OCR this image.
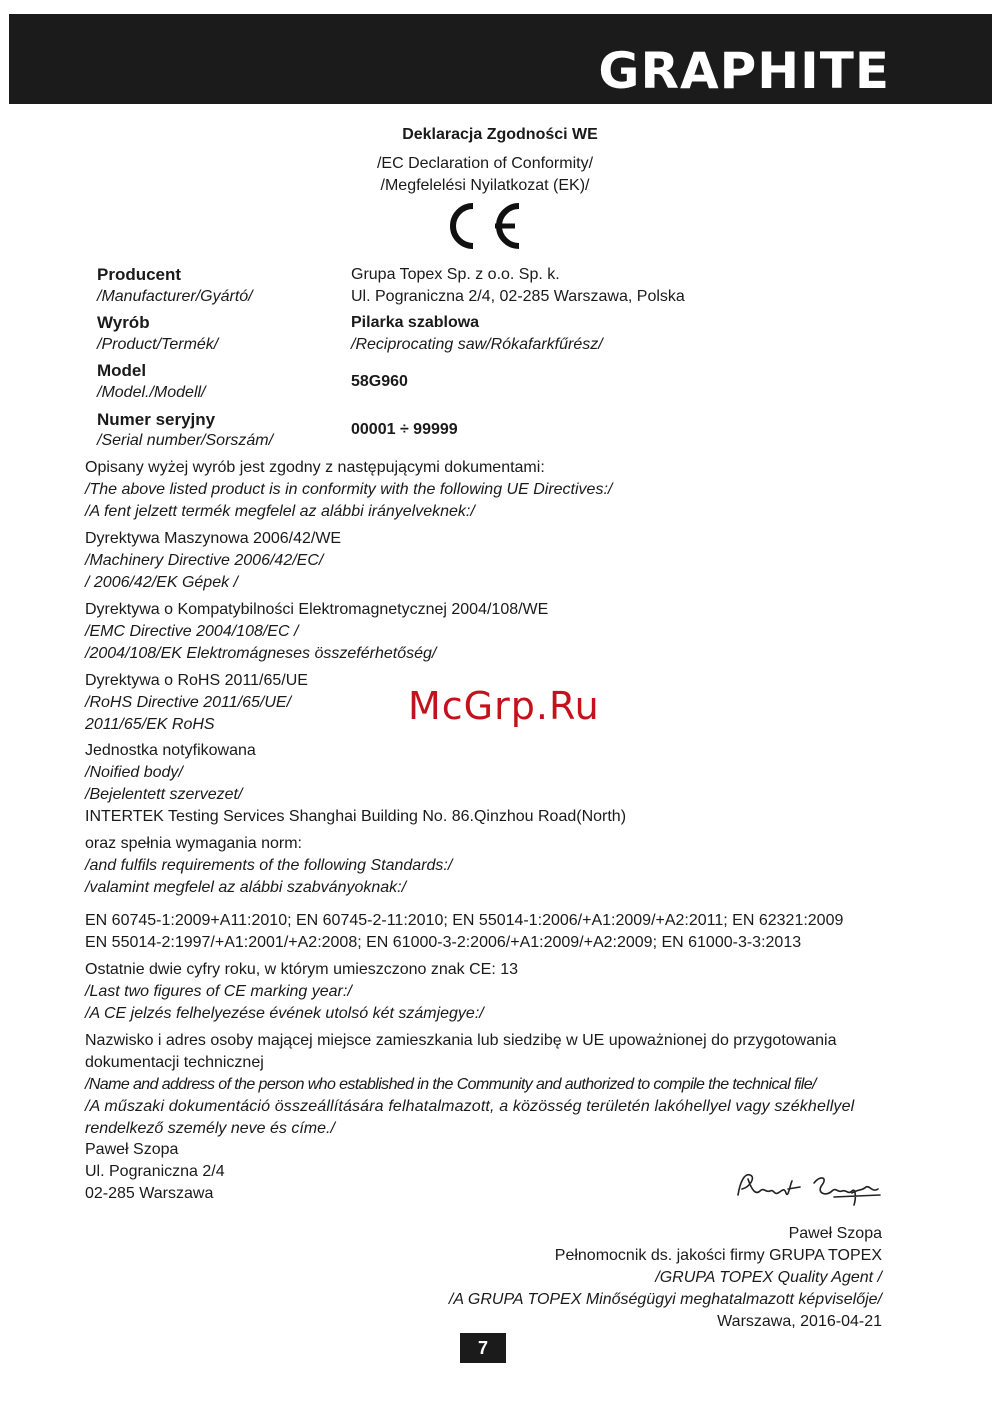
GRAPHITE
Deklaracja Zgodności WE
/EC Declaration of Conformity/
/Megfelelési Nyilatkozat (EK)/
Producent
/Manufacturer/Gyártó/
Grupa Topex Sp. z o.o. Sp. k.
Ul. Pograniczna 2/4, 02-285 Warszawa, Polska
Wyrób
/Product/Termék/
Pilarka szablowa
/Reciprocating saw/Rókafarkfűrész/
Model
/Model./Modell/
58G960
Numer seryjny
/Serial number/Sorszám/
00001 ÷ 99999
Opisany wyżej wyrób jest zgodny z następującymi dokumentami:
/The above listed product is in conformity with the following UE Directives:/
/A fent jelzett termék megfelel az alábbi irányelveknek:/
Dyrektywa Maszynowa 2006/42/WE
/Machinery Directive 2006/42/EC/
/ 2006/42/EK Gépek /
Dyrektywa o Kompatybilności Elektromagnetycznej 2004/108/WE
/EMC Directive 2004/108/EC /
/2004/108/EK Elektromágneses összeférhetőség/
Dyrektywa o RoHS 2011/65/UE
/RoHS Directive 2011/65/UE/
2011/65/EK RoHS
Jednostka notyfikowana
/Noified body/
/Bejelentett szervezet/
INTERTEK Testing Services Shanghai Building No. 86.Qinzhou Road(North)
oraz spełnia wymagania norm:
/and fulfils requirements of the following Standards:/
/valamint megfelel az alábbi szabványoknak:/
EN 60745-1:2009+A11:2010; EN 60745-2-11:2010; EN 55014-1:2006/+A1:2009/+A2:2011; EN 62321:2009
EN 55014-2:1997/+A1:2001/+A2:2008; EN 61000-3-2:2006/+A1:2009/+A2:2009; EN 61000-3-3:2013
Ostatnie dwie cyfry roku, w którym umieszczono znak CE: 13
/Last two figures of CE marking year:/
/A CE jelzés felhelyezése évének utolsó két számjegye:/
Nazwisko i adres osoby mającej miejsce zamieszkania lub siedzibę w UE upoważnionej do przygotowania
dokumentacji technicznej
/Name and address of the person who established in the Community and authorized to compile the technical file/
/A műszaki dokumentáció összeállítására felhatalmazott, a közösség területén lakóhellyel vagy székhellyel
rendelkező személy neve és címe./
Paweł Szopa
Ul. Pograniczna 2/4
02-285 Warszawa
McGrp.Ru
Paweł Szopa
Pełnomocnik ds. jakości firmy GRUPA TOPEX
/GRUPA TOPEX Quality Agent /
/A GRUPA TOPEX Minőségügyi meghatalmazott képviselője/
Warszawa, 2016-04-21
7
